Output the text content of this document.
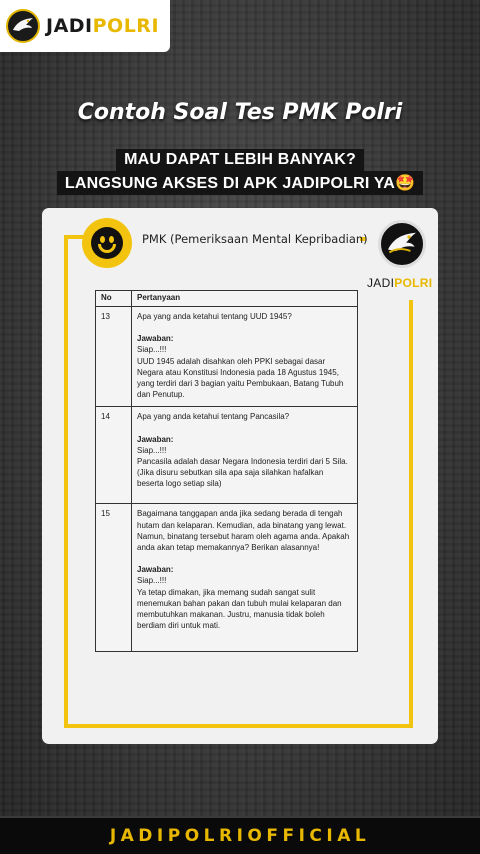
JADIPOLRI
Contoh Soal Tes PMK Polri
MAU DAPAT LEBIH BANYAK?
LANGSUNG AKSES DI APK JADIPOLRI YA🤩
PMK (Pemeriksaan Mental Kepribadian)
JADIPOLRI
No	Pertanyaan
13	Apa yang anda ketahui tentang UUD 1945?
Jawaban:
Siap...!!!
UUD 1945 adalah disahkan oleh PPKI sebagai dasar Negara atau Konstitusi Indonesia pada 18 Agustus 1945, yang terdiri dari 3 bagian yaitu Pembukaan, Batang Tubuh dan Penutup.

14	Apa yang anda ketahui tentang Pancasila?
Jawaban:
Siap...!!!
Pancasila adalah dasar Negara Indonesia terdiri dari 5 Sila. (Jika disuru sebutkan sila apa saja silahkan hafalkan beserta logo setiap sila)

15	Bagaimana tanggapan anda jika sedang berada di tengah hutam dan kelaparan. Kemudian, ada binatang yang lewat. Namun, binatang tersebut haram oleh agama anda. Apakah anda akan tetap memakannya? Berikan alasannya!
Jawaban:
Siap...!!!
Ya tetap dimakan, jika memang sudah sangat sulit menemukan bahan pakan dan tubuh mulai kelaparan dan membutuhkan makanan. Justru, manusia tidak boleh berdiam diri untuk mati.
JADIPOLRIOFFICIAL
